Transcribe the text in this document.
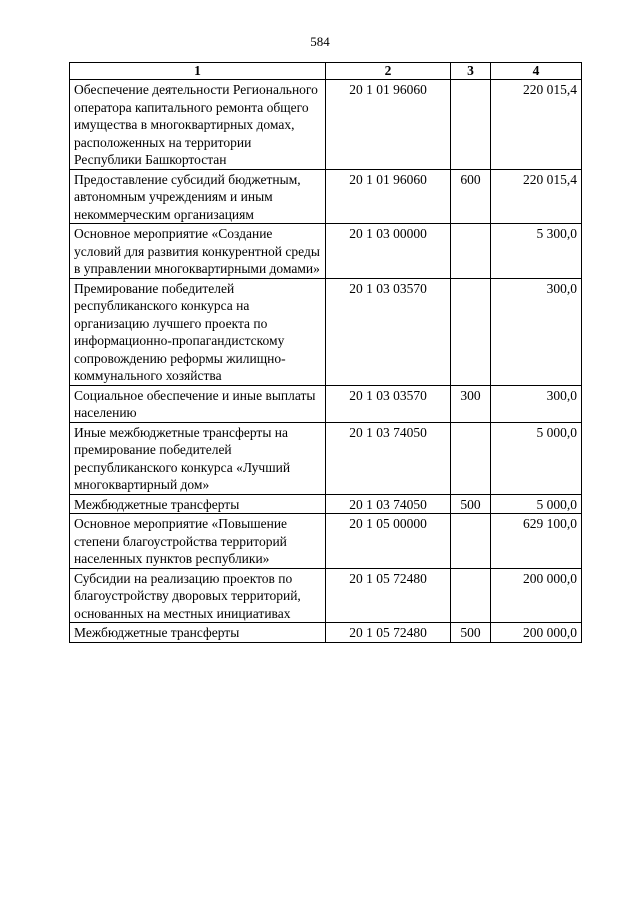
584
1	2	3	4
Обеспечение деятельности Регионального оператора капитального ремонта общего имущества в многоквартирных домах, расположенных на территории Республики Башкортостан	20 1 01 96060		220 015,4
Предоставление субсидий бюджетным, автономным учреждениям и иным некоммерческим организациям	20 1 01 96060	600	220 015,4
Основное мероприятие «Создание условий для развития конкурентной среды в управлении многоквартирными домами»	20 1 03 00000		5 300,0
Премирование победителей республиканского конкурса на организацию лучшего проекта по информационно-пропагандистскому сопровождению реформы жилищно-коммунального хозяйства	20 1 03 03570		300,0
Социальное обеспечение и иные выплаты населению	20 1 03 03570	300	300,0
Иные межбюджетные трансферты на премирование победителей республиканского конкурса «Лучший многоквартирный дом»	20 1 03 74050		5 000,0
Межбюджетные трансферты	20 1 03 74050	500	5 000,0
Основное мероприятие «Повышение степени благоустройства территорий населенных пунктов республики»	20 1 05 00000		629 100,0
Субсидии на реализацию проектов по благоустройству дворовых территорий, основанных на местных инициативах	20 1 05 72480		200 000,0
Межбюджетные трансферты	20 1 05 72480	500	200 000,0
